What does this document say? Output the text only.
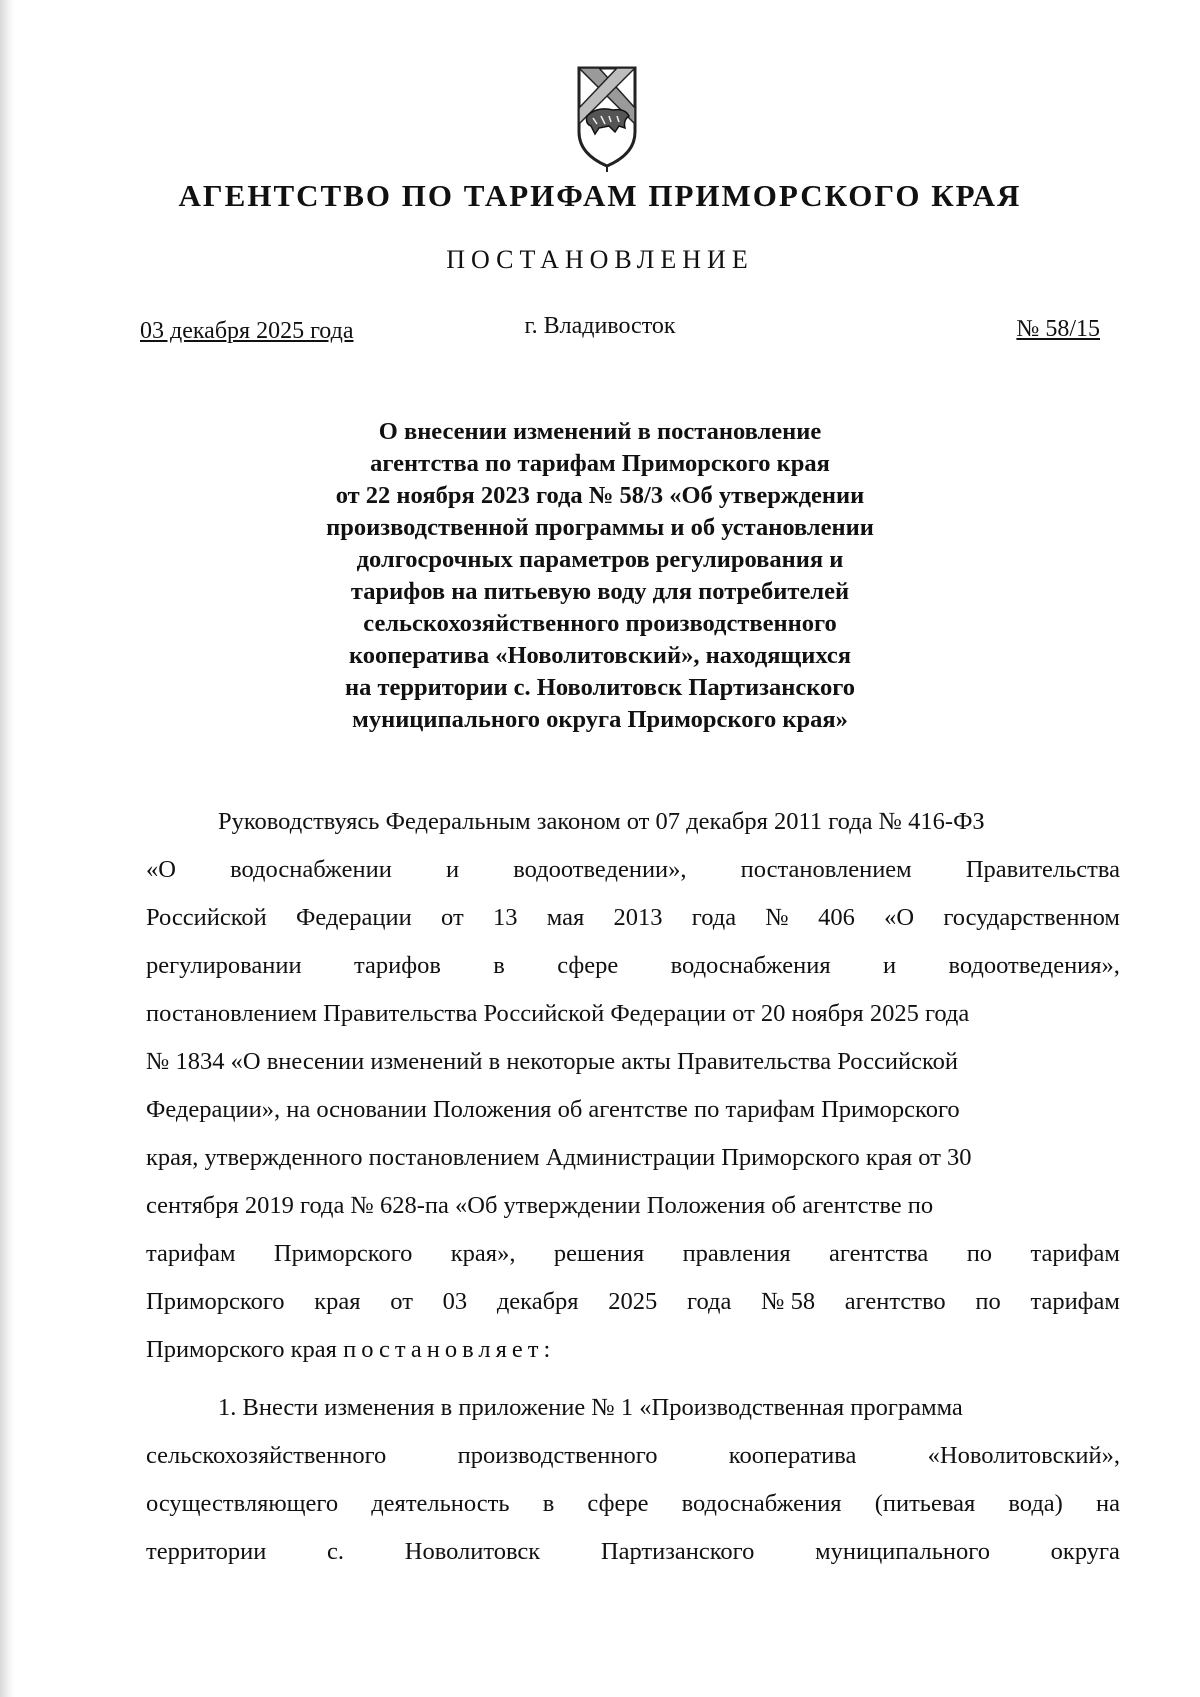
АГЕНТСТВО ПО ТАРИФАМ ПРИМОРСКОГО КРАЯ
ПОСТАНОВЛЕНИЕ
03 декабря 2025 года	г. Владивосток	№ 58/15
О внесении изменений в постановление
агентства по тарифам Приморского края
от 22 ноября 2023 года № 58/3 «Об утверждении
производственной программы и об установлении
долгосрочных параметров регулирования и
тарифов на питьевую воду для потребителей
сельскохозяйственного производственного
кооператива «Новолитовский», находящихся
на территории с. Новолитовск Партизанского
муниципального округа Приморского края»
Руководствуясь Федеральным законом от 07 декабря 2011 года № 416-ФЗ
«О водоснабжении и водоотведении», постановлением Правительства
Российской Федерации от 13 мая 2013 года № 406 «О государственном
регулировании тарифов в сфере водоснабжения и водоотведения»,
постановлением Правительства Российской Федерации от 20 ноября 2025 года
№ 1834 «О внесении изменений в некоторые акты Правительства Российской
Федерации», на основании Положения об агентстве по тарифам Приморского
края, утвержденного постановлением Администрации Приморского края от 30
сентября 2019 года № 628-па «Об утверждении Положения об агентстве по
тарифам Приморского края», решения правления агентства по тарифам
Приморского края от 03 декабря 2025 года № 58 агентство по тарифам
Приморского края постановляет:
1. Внести изменения в приложение № 1 «Производственная программа
сельскохозяйственного	производственного	кооператива	«Новолитовский»,
осуществляющего деятельность в сфере водоснабжения (питьевая вода) на
территории с. Новолитовск Партизанского муниципального округа
